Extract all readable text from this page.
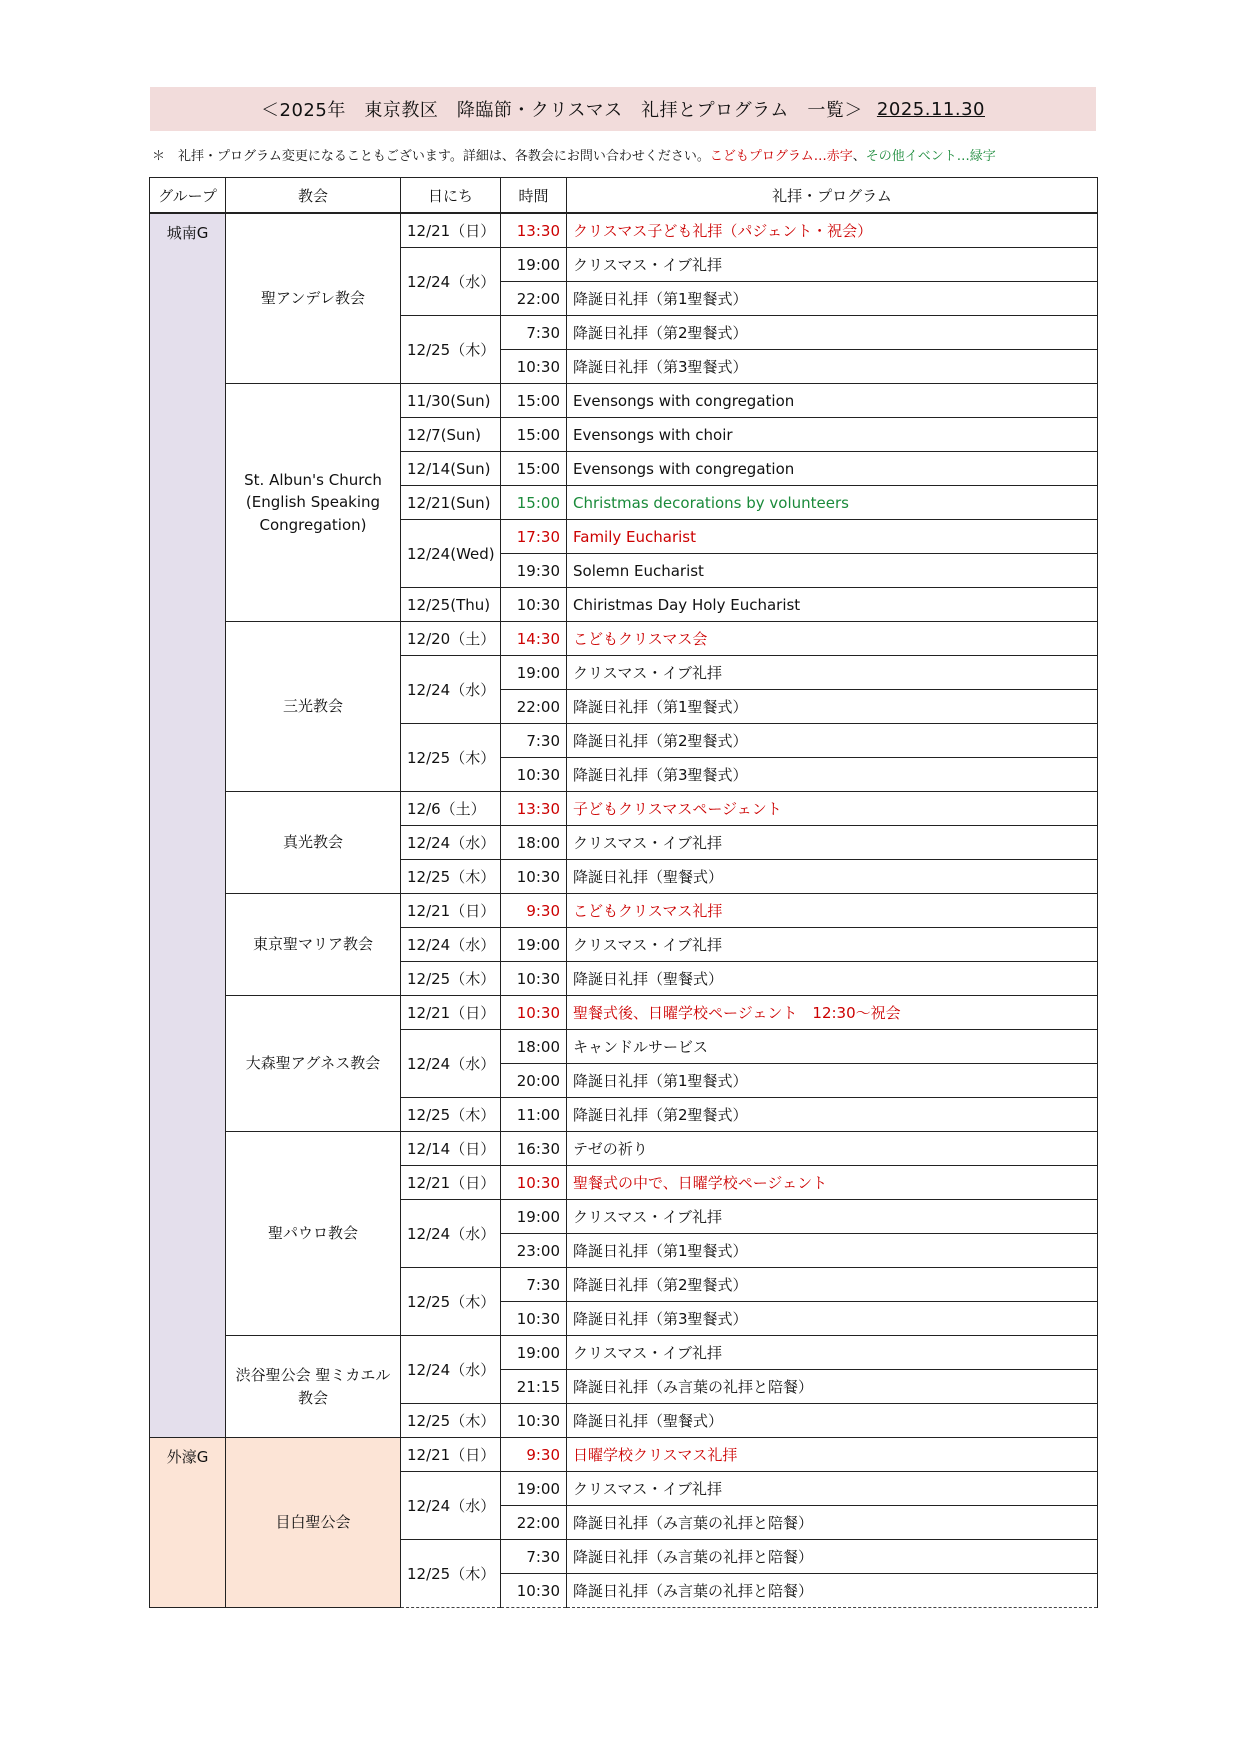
＜2025年　東京教区　降臨節・クリスマス　礼拝とプログラム　一覧＞ 2025.11.30
＊　礼拝・プログラム変更になることもございます。詳細は、各教会にお問い合わせください。こどもプログラム…赤字、その他イベント…緑字
グループ	教会	日にち	時間	礼拝・プログラム
城南G	聖アンデレ教会	12/21（日）	13:30	クリスマス子ども礼拝（パジェント・祝会）
		12/24（水）	19:00	クリスマス・イブ礼拝
			22:00	降誕日礼拝（第1聖餐式）
		12/25（木）	7:30	降誕日礼拝（第2聖餐式）
			10:30	降誕日礼拝（第3聖餐式）
	St. Albun's Church (English Speaking Congregation)	11/30(Sun)	15:00	Evensongs with congregation
		12/7(Sun)	15:00	Evensongs with choir
		12/14(Sun)	15:00	Evensongs with congregation
		12/21(Sun)	15:00	Christmas decorations by volunteers
		12/24(Wed)	17:30	Family Eucharist
			19:30	Solemn Eucharist
		12/25(Thu)	10:30	Chiristmas Day Holy Eucharist
	三光教会	12/20（土）	14:30	こどもクリスマス会
		12/24（水）	19:00	クリスマス・イブ礼拝
			22:00	降誕日礼拝（第1聖餐式）
		12/25（木）	7:30	降誕日礼拝（第2聖餐式）
			10:30	降誕日礼拝（第3聖餐式）
	真光教会	12/6（土）	13:30	子どもクリスマスページェント
		12/24（水）	18:00	クリスマス・イブ礼拝
		12/25（木）	10:30	降誕日礼拝（聖餐式）
	東京聖マリア教会	12/21（日）	9:30	こどもクリスマス礼拝
		12/24（水）	19:00	クリスマス・イブ礼拝
		12/25（木）	10:30	降誕日礼拝（聖餐式）
	大森聖アグネス教会	12/21（日）	10:30	聖餐式後、日曜学校ページェント　12:30～祝会
		12/24（水）	18:00	キャンドルサービス
			20:00	降誕日礼拝（第1聖餐式）
		12/25（木）	11:00	降誕日礼拝（第2聖餐式）
	聖パウロ教会	12/14（日）	16:30	テゼの祈り
		12/21（日）	10:30	聖餐式の中で、日曜学校ページェント
		12/24（水）	19:00	クリスマス・イブ礼拝
			23:00	降誕日礼拝（第1聖餐式）
		12/25（木）	7:30	降誕日礼拝（第2聖餐式）
			10:30	降誕日礼拝（第3聖餐式）
	渋谷聖公会 聖ミカエル教会	12/24（水）	19:00	クリスマス・イブ礼拝
			21:15	降誕日礼拝（み言葉の礼拝と陪餐）
		12/25（木）	10:30	降誕日礼拝（聖餐式）
外濠G	目白聖公会	12/21（日）	9:30	日曜学校クリスマス礼拝
		12/24（水）	19:00	クリスマス・イブ礼拝
			22:00	降誕日礼拝（み言葉の礼拝と陪餐）
		12/25（木）	7:30	降誕日礼拝（み言葉の礼拝と陪餐）
			10:30	降誕日礼拝（み言葉の礼拝と陪餐）
